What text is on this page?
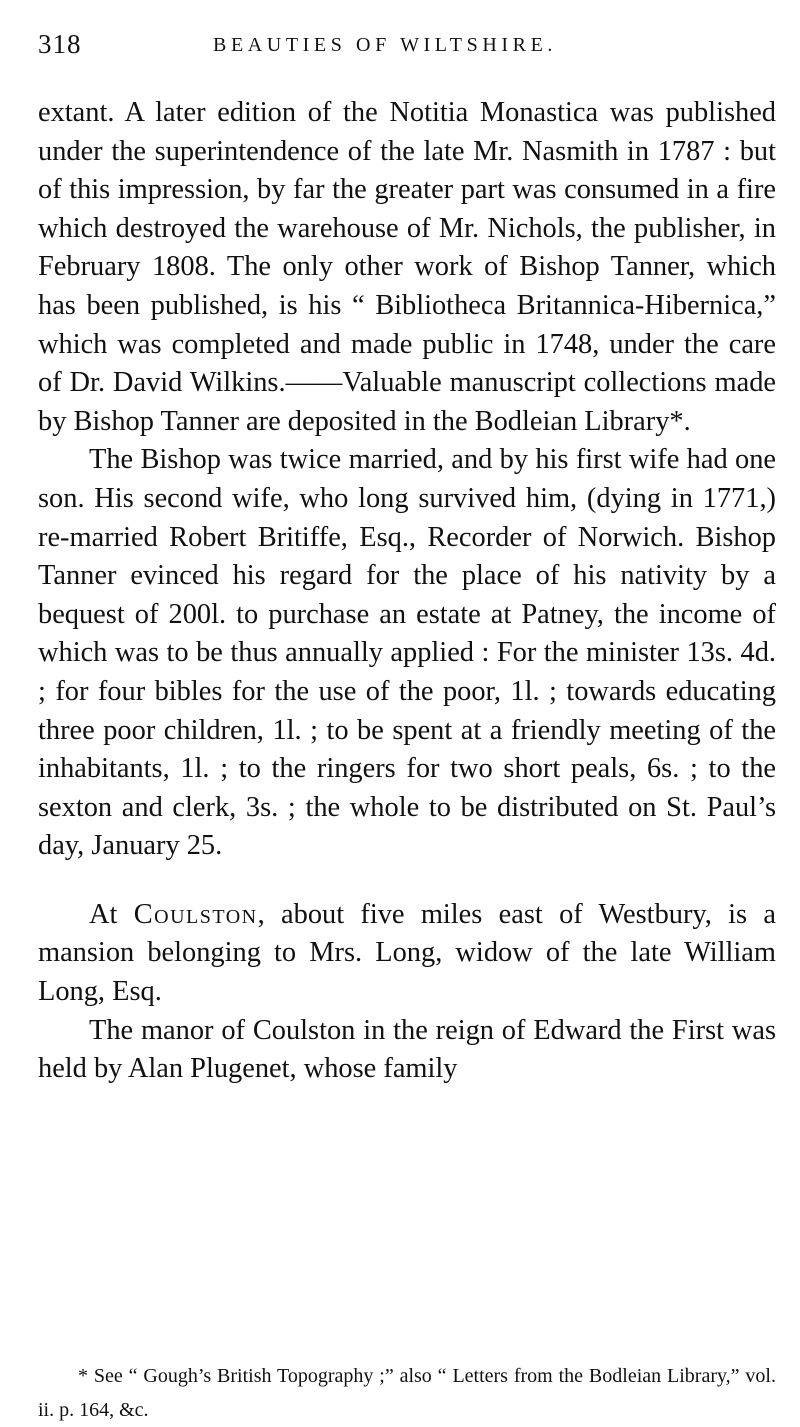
318	BEAUTIES OF WILTSHIRE.

extant. A later edition of the Notitia Monastica was published under the superintendence of the late Mr. Nasmith in 1787 : but of this impression, by far the greater part was consumed in a fire which destroyed the warehouse of Mr. Nichols, the publisher, in February 1808. The only other work of Bishop Tanner, which has been published, is his “ Bibliotheca Britannica-Hibernica,” which was completed and made public in 1748, under the care of Dr. David Wilkins.——Valuable manuscript collections made by Bishop Tanner are deposited in the Bodleian Library*.

The Bishop was twice married, and by his first wife had one son. His second wife, who long survived him, (dying in 1771,) re-married Robert Britiffe, Esq., Recorder of Norwich. Bishop Tanner evinced his regard for the place of his nativity by a bequest of 200l. to purchase an estate at Patney, the income of which was to be thus annually applied : For the minister 13s. 4d. ; for four bibles for the use of the poor, 1l. ; towards educating three poor children, 1l. ; to be spent at a friendly meeting of the inhabitants, 1l. ; to the ringers for two short peals, 6s. ; to the sexton and clerk, 3s. ; the whole to be distributed on St. Paul’s day, January 25.

At Coulston, about five miles east of Westbury, is a mansion belonging to Mrs. Long, widow of the late William Long, Esq.

The manor of Coulston in the reign of Edward the First was held by Alan Plugenet, whose family

* See “ Gough’s British Topography ;” also “ Letters from the Bodleian Library,” vol. ii. p. 164, &c.
